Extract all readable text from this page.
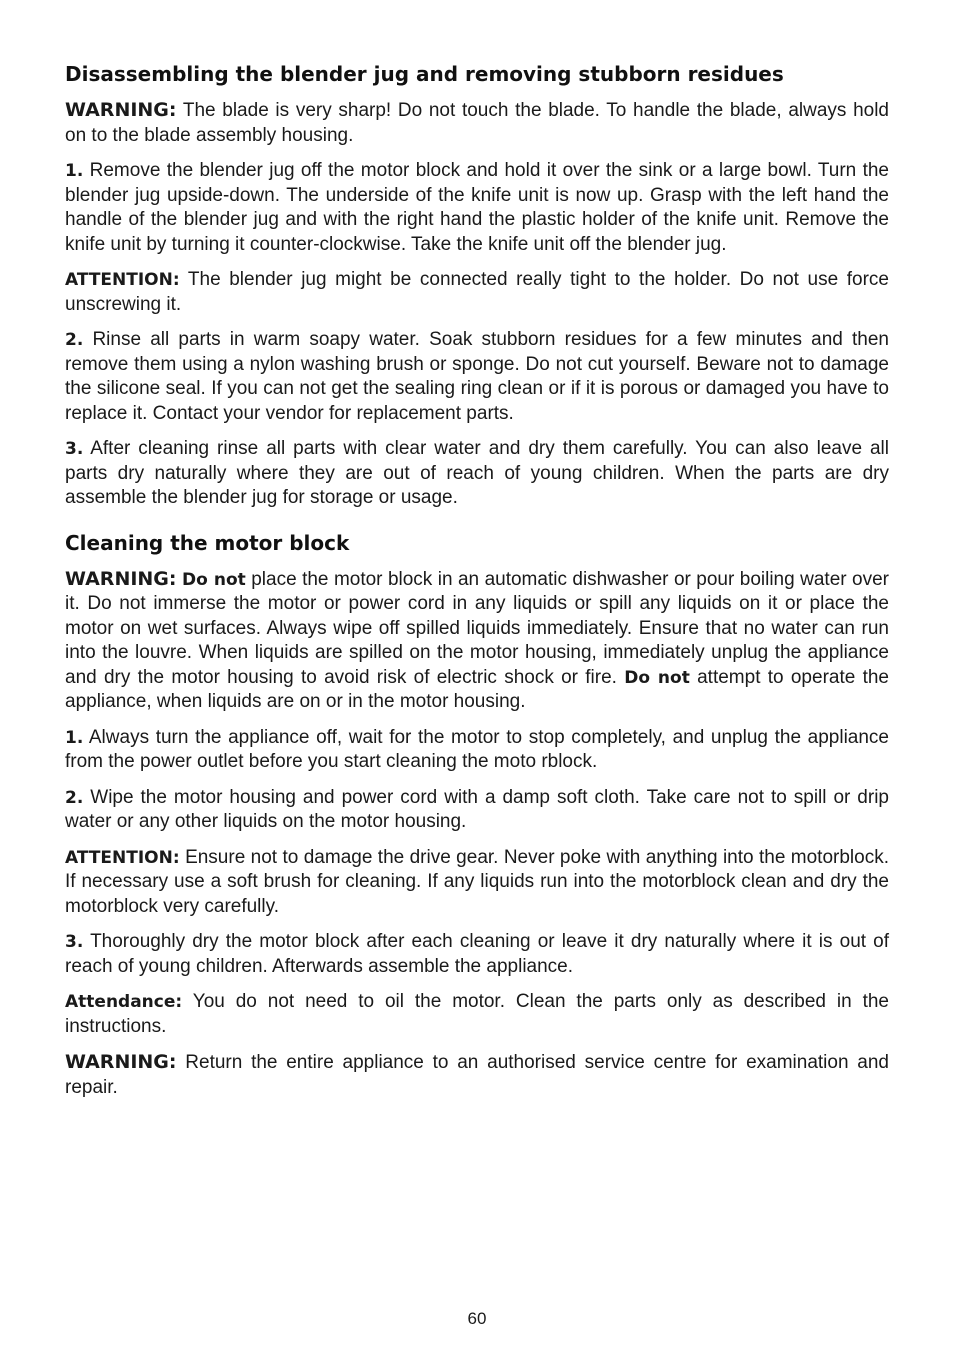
Disassembling the blender jug and removing stubborn residues

WARNING: The blade is very sharp! Do not touch the blade. To handle the blade, always hold on to the blade assembly housing.

1. Remove the blender jug off the motor block and hold it over the sink or a large bowl. Turn the blender jug upside-down. The underside of the knife unit is now up. Grasp with the left hand the handle of the blender jug and with the right hand the plastic holder of the knife unit. Remove the knife unit by turning it counter-clockwise. Take the knife unit off the blender jug.

ATTENTION: The blender jug might be connected really tight to the holder. Do not use force unscrewing it.

2. Rinse all parts in warm soapy water. Soak stubborn residues for a few minutes and then remove them using a nylon washing brush or sponge. Do not cut yourself. Beware not to damage the silicone seal. If you can not get the sealing ring clean or if it is porous or damaged you have to replace it. Contact your vendor for replacement parts.

3. After cleaning rinse all parts with clear water and dry them carefully. You can also leave all parts dry naturally where they are out of reach of young children. When the parts are dry assemble the blender jug for storage or usage.

Cleaning the motor block

WARNING: Do not place the motor block in an automatic dishwasher or pour boiling water over it. Do not immerse the motor or power cord in any liquids or spill any liquids on it or place the motor on wet surfaces. Always wipe off spilled liquids immediately. Ensure that no water can run into the louvre. When liquids are spilled on the motor housing, immediately unplug the appliance and dry the motor housing to avoid risk of electric shock or fire. Do not attempt to operate the appliance, when liquids are on or in the motor housing.

1. Always turn the appliance off, wait for the motor to stop completely, and unplug the appliance from the power outlet before you start cleaning the moto rblock.

2. Wipe the motor housing and power cord with a damp soft cloth. Take care not to spill or drip water or any other liquids on the motor housing.

ATTENTION: Ensure not to damage the drive gear. Never poke with anything into the motorblock. If necessary use a soft brush for cleaning. If any liquids run into the motorblock clean and dry the motorblock very carefully.

3. Thoroughly dry the motor block after each cleaning or leave it dry naturally where it is out of reach of young children. Afterwards assemble the appliance.

Attendance: You do not need to oil the motor. Clean the parts only as described in the instructions.

WARNING: Return the entire appliance to an authorised service centre for examination and repair.

60
